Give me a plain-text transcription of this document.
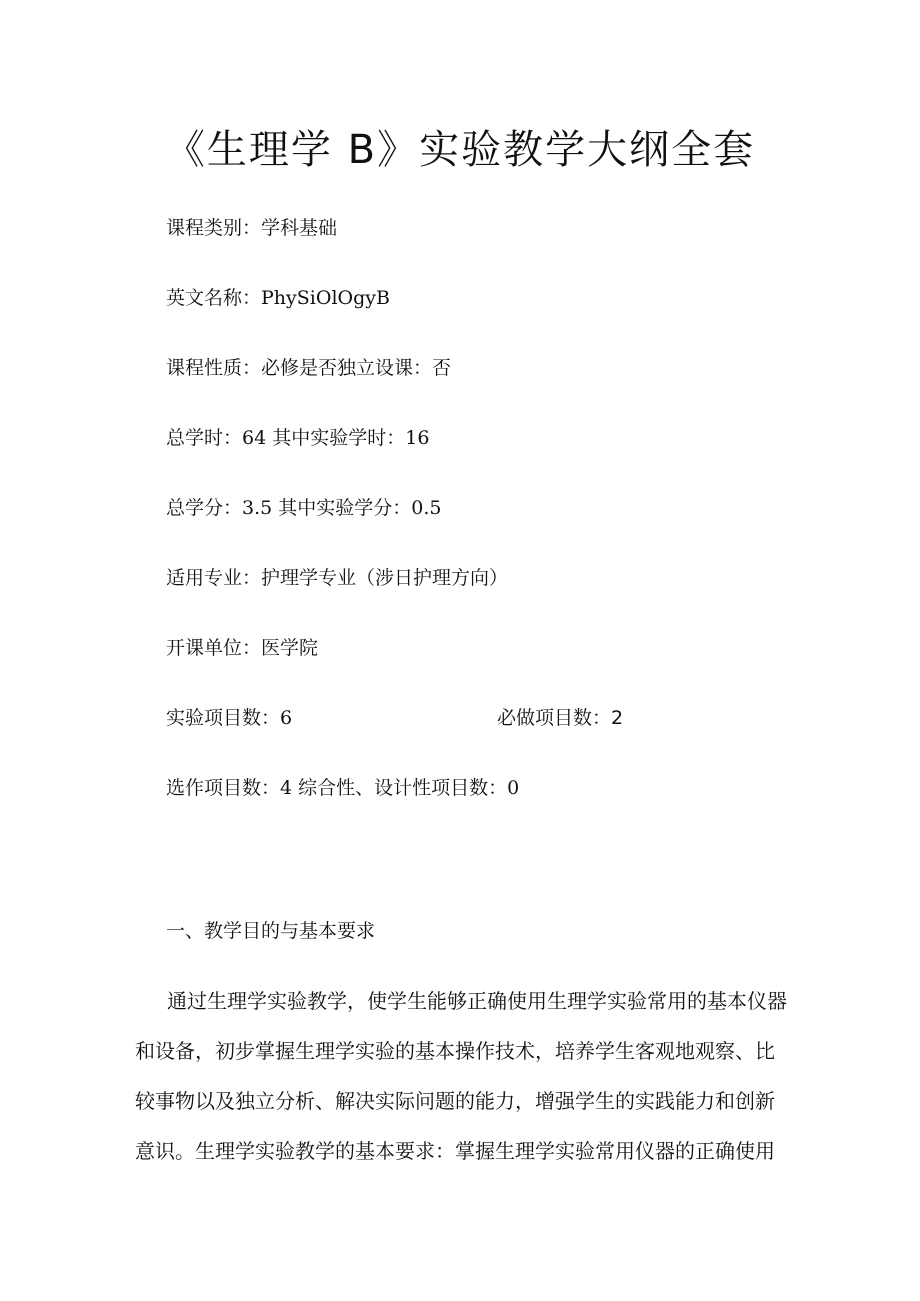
《生理学 B》实验教学大纲全套
课程类别：学科基础
英文名称：PhySiOlOgyB
课程性质：必修是否独立设课：否
总学时：64 其中实验学时：16
总学分：3.5 其中实验学分：0.5
适用专业：护理学专业（涉日护理方向）
开课单位：医学院
实验项目数：6	必做项目数：2
选作项目数：4 综合性、设计性项目数：0
一、教学目的与基本要求
通过生理学实验教学，使学生能够正确使用生理学实验常用的基本仪器
和设备，初步掌握生理学实验的基本操作技术，培养学生客观地观察、比
较事物以及独立分析、解决实际问题的能力，增强学生的实践能力和创新
意识。生理学实验教学的基本要求：掌握生理学实验常用仪器的正确使用
